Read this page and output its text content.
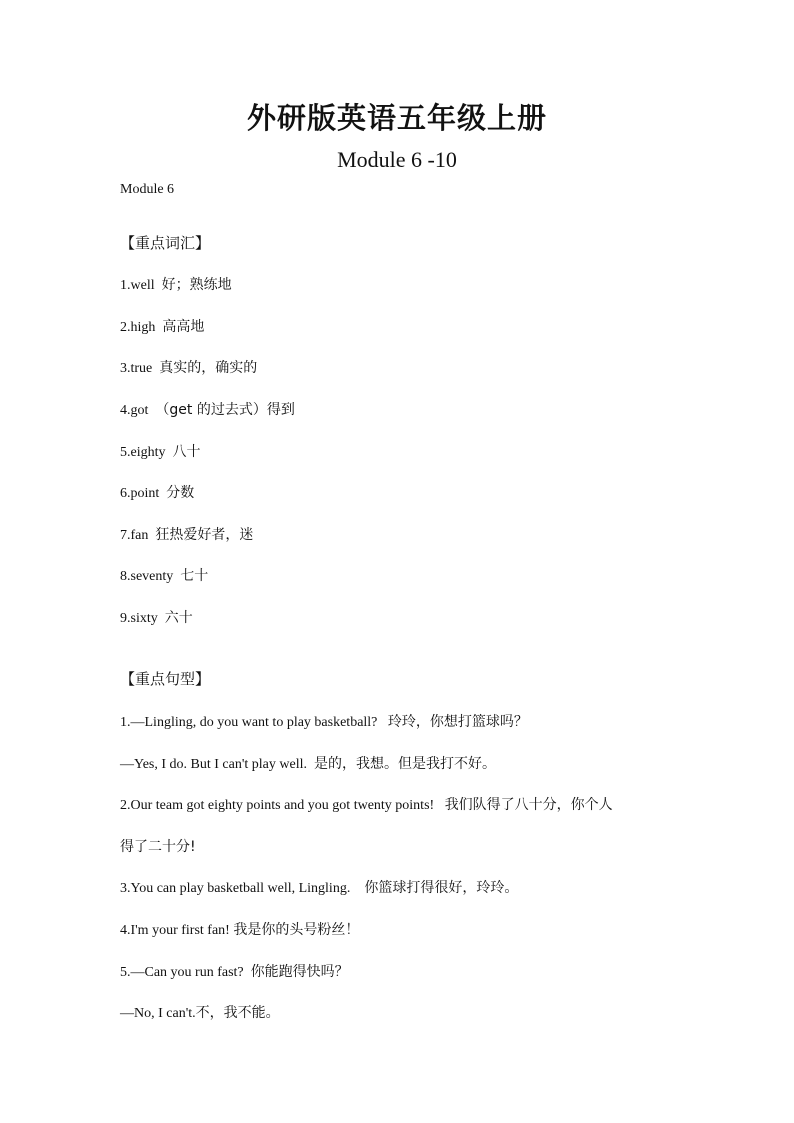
外研版英语五年级上册
Module 6 -10
Module 6
【重点词汇】
1.well 好；熟练地
2.high 高高地
3.true 真实的，确实的
4.got （get 的过去式）得到
5.eighty 八十
6.point 分数
7.fan 狂热爱好者，迷
8.seventy 七十
9.sixty 六十
【重点句型】
1.—Lingling, do you want to play basketball? 玲玲，你想打篮球吗？
—Yes, I do. But I can't play well. 是的，我想。但是我打不好。
2.Our team got eighty points and you got twenty points! 我们队得了八十分，你个人
得了二十分!
3.You can play basketball well, Lingling. 你篮球打得很好，玲玲。
4.I'm your first fan! 我是你的头号粉丝！
5.—Can you run fast? 你能跑得快吗？
—No, I can't.不，我不能。
